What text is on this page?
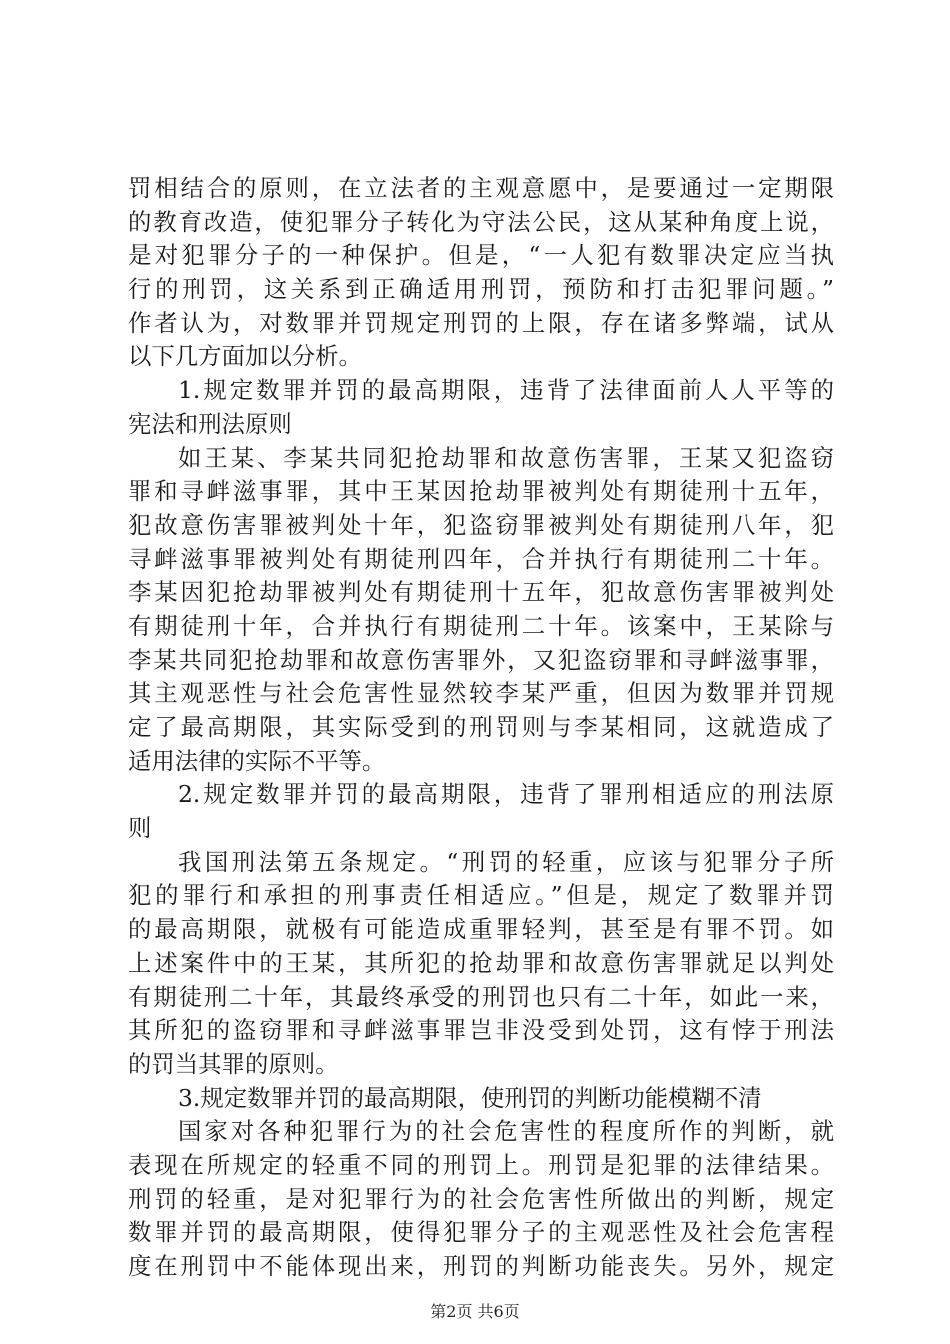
罚相结合的原则，在立法者的主观意愿中，是要通过一定期限
的教育改造，使犯罪分子转化为守法公民，这从某种角度上说，
是对犯罪分子的一种保护。但是，“一人犯有数罪决定应当执
行的刑罚，这关系到正确适用刑罚，预防和打击犯罪问题。”
作者认为，对数罪并罚规定刑罚的上限，存在诸多弊端，试从
以下几方面加以分析。
1.规定数罪并罚的最高期限，违背了法律面前人人平等的
宪法和刑法原则
如王某、李某共同犯抢劫罪和故意伤害罪，王某又犯盗窃
罪和寻衅滋事罪，其中王某因抢劫罪被判处有期徒刑十五年，
犯故意伤害罪被判处十年，犯盗窃罪被判处有期徒刑八年，犯
寻衅滋事罪被判处有期徒刑四年，合并执行有期徒刑二十年。
李某因犯抢劫罪被判处有期徒刑十五年，犯故意伤害罪被判处
有期徒刑十年，合并执行有期徒刑二十年。该案中，王某除与
李某共同犯抢劫罪和故意伤害罪外，又犯盗窃罪和寻衅滋事罪，
其主观恶性与社会危害性显然较李某严重，但因为数罪并罚规
定了最高期限，其实际受到的刑罚则与李某相同，这就造成了
适用法律的实际不平等。
2.规定数罪并罚的最高期限，违背了罪刑相适应的刑法原
则
我国刑法第五条规定。“刑罚的轻重，应该与犯罪分子所
犯的罪行和承担的刑事责任相适应。”但是，规定了数罪并罚
的最高期限，就极有可能造成重罪轻判，甚至是有罪不罚。如
上述案件中的王某，其所犯的抢劫罪和故意伤害罪就足以判处
有期徒刑二十年，其最终承受的刑罚也只有二十年，如此一来，
其所犯的盗窃罪和寻衅滋事罪岂非没受到处罚，这有悖于刑法
的罚当其罪的原则。
3.规定数罪并罚的最高期限，使刑罚的判断功能模糊不清
国家对各种犯罪行为的社会危害性的程度所作的判断，就
表现在所规定的轻重不同的刑罚上。刑罚是犯罪的法律结果。
刑罚的轻重，是对犯罪行为的社会危害性所做出的判断，规定
数罪并罚的最高期限，使得犯罪分子的主观恶性及社会危害程
度在刑罚中不能体现出来，刑罚的判断功能丧失。另外，规定
第2页 共6页
